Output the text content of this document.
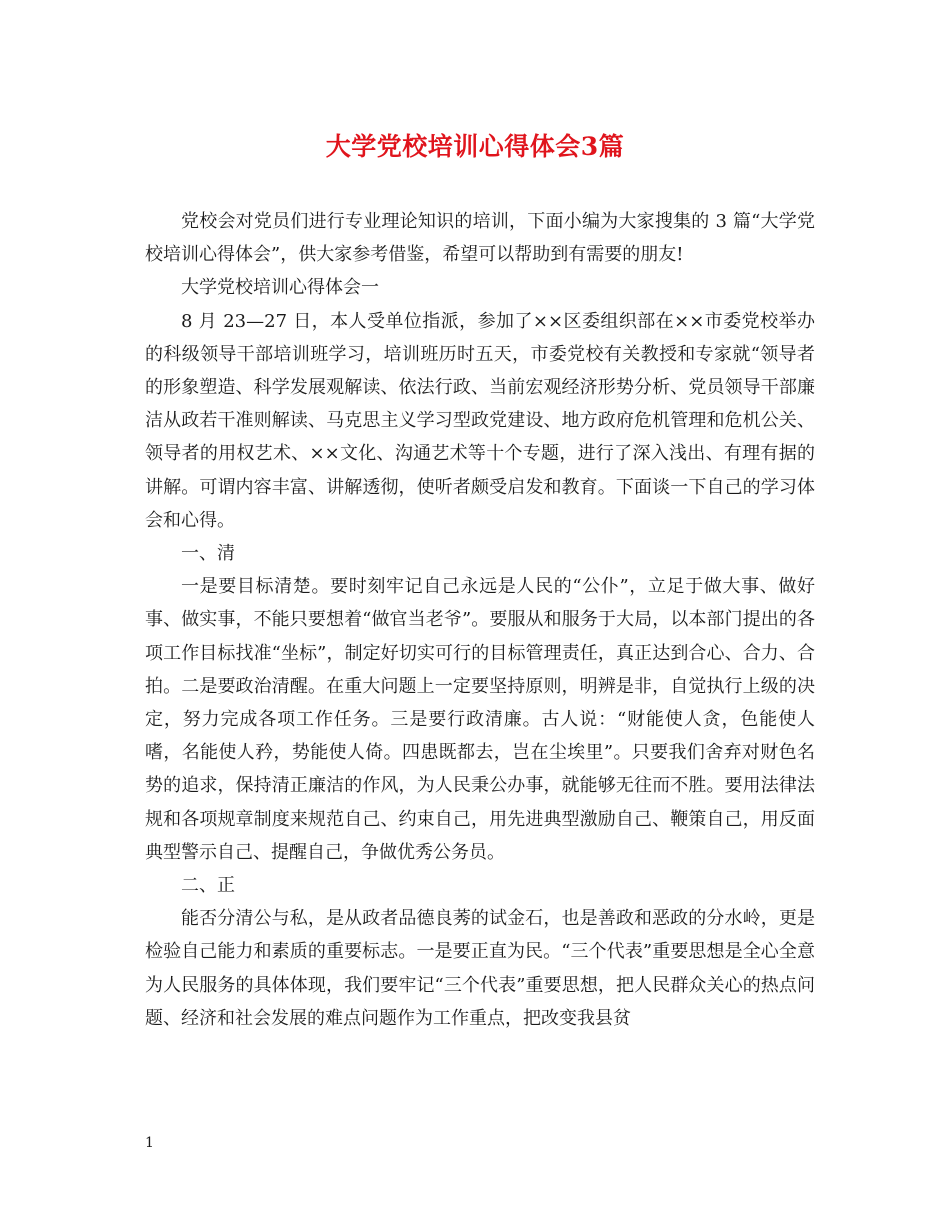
大学党校培训心得体会3篇

党校会对党员们进行专业理论知识的培训，下面小编为大家搜集的 3 篇“大学党校培训心得体会”，供大家参考借鉴，希望可以帮助到有需要的朋友!

大学党校培训心得体会一

8 月 23—27 日，本人受单位指派，参加了××区委组织部在××市委党校举办的科级领导干部培训班学习，培训班历时五天，市委党校有关教授和专家就“领导者的形象塑造、科学发展观解读、依法行政、当前宏观经济形势分析、党员领导干部廉洁从政若干准则解读、马克思主义学习型政党建设、地方政府危机管理和危机公关、领导者的用权艺术、××文化、沟通艺术等十个专题，进行了深入浅出、有理有据的讲解。可谓内容丰富、讲解透彻，使听者颇受启发和教育。下面谈一下自己的学习体会和心得。

一、清

一是要目标清楚。要时刻牢记自己永远是人民的“公仆”，立足于做大事、做好事、做实事，不能只要想着“做官当老爷”。要服从和服务于大局，以本部门提出的各项工作目标找准“坐标”，制定好切实可行的目标管理责任，真正达到合心、合力、合拍。二是要政治清醒。在重大问题上一定要坚持原则，明辨是非，自觉执行上级的决定，努力完成各项工作任务。三是要行政清廉。古人说：“财能使人贪，色能使人嗜，名能使人矜，势能使人倚。四患既都去，岂在尘埃里”。只要我们舍弃对财色名势的追求，保持清正廉洁的作风，为人民秉公办事，就能够无往而不胜。要用法律法规和各项规章制度来规范自己、约束自己，用先进典型激励自己、鞭策自己，用反面典型警示自己、提醒自己，争做优秀公务员。

二、正

能否分清公与私，是从政者品德良莠的试金石，也是善政和恶政的分水岭，更是检验自己能力和素质的重要标志。一是要正直为民。“三个代表”重要思想是全心全意为人民服务的具体体现，我们要牢记“三个代表”重要思想，把人民群众关心的热点问题、经济和社会发展的难点问题作为工作重点，把改变我县贫

1
